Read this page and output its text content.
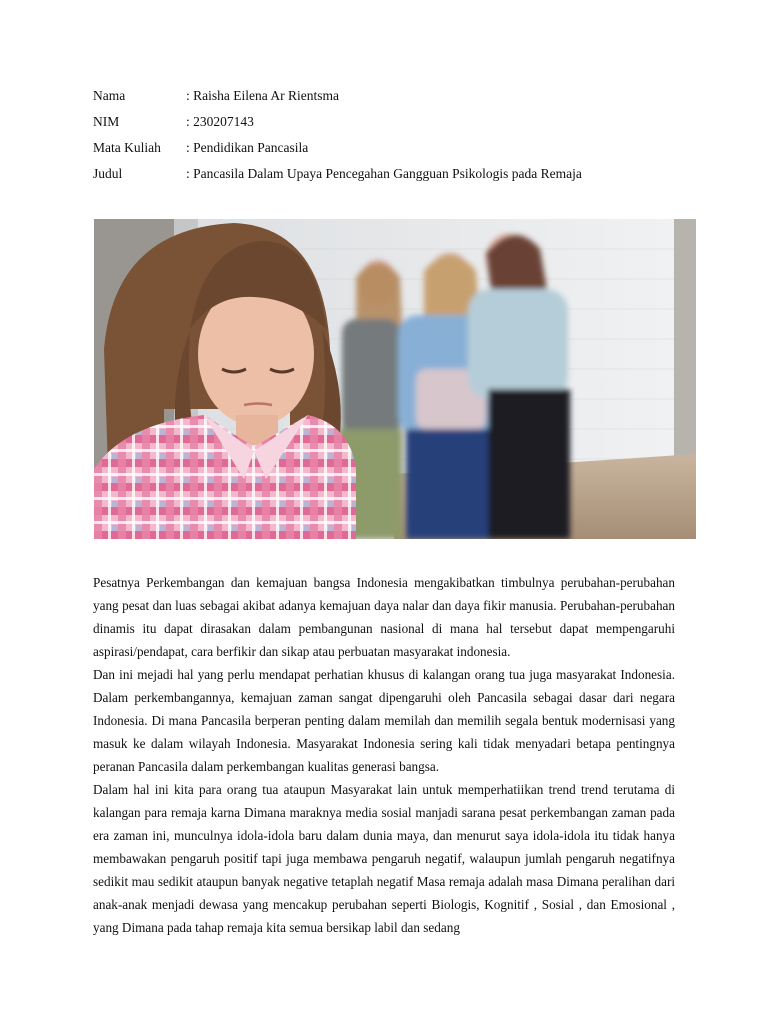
Nama	: Raisha Eilena Ar Rientsma
NIM	: 230207143
Mata Kuliah	: Pendidikan Pancasila
Judul	: Pancasila Dalam Upaya Pencegahan Gangguan Psikologis pada Remaja

Pesatnya Perkembangan dan kemajuan bangsa Indonesia mengakibatkan timbulnya perubahan-perubahan yang pesat dan luas sebagai akibat adanya kemajuan daya nalar dan daya fikir manusia. Perubahan-perubahan dinamis itu dapat dirasakan dalam pembangunan nasional di mana hal tersebut dapat mempengaruhi aspirasi/pendapat, cara berfikir dan sikap atau perbuatan masyarakat indonesia.

Dan ini mejadi hal yang perlu mendapat perhatian khusus di kalangan orang tua juga masyarakat Indonesia. Dalam perkembangannya, kemajuan zaman sangat dipengaruhi oleh Pancasila sebagai dasar dari negara Indonesia. Di mana Pancasila berperan penting dalam memilah dan memilih segala bentuk modernisasi yang masuk ke dalam wilayah Indonesia. Masyarakat Indonesia sering kali tidak menyadari betapa pentingnya peranan Pancasila dalam perkembangan kualitas generasi bangsa.

Dalam hal ini kita para orang tua ataupun Masyarakat lain untuk memperhatiikan trend trend terutama di kalangan para remaja karna Dimana maraknya media sosial manjadi sarana pesat perkembangan zaman pada era zaman ini, munculnya idola-idola baru dalam dunia maya, dan menurut saya idola-idola itu tidak hanya membawakan pengaruh positif tapi juga membawa pengaruh negatif, walaupun jumlah pengaruh negatifnya sedikit mau sedikit ataupun banyak negative tetaplah negatif Masa remaja adalah masa Dimana peralihan dari anak-anak menjadi dewasa yang mencakup perubahan seperti Biologis, Kognitif , Sosial , dan Emosional , yang Dimana pada tahap remaja kita semua bersikap labil dan sedang
